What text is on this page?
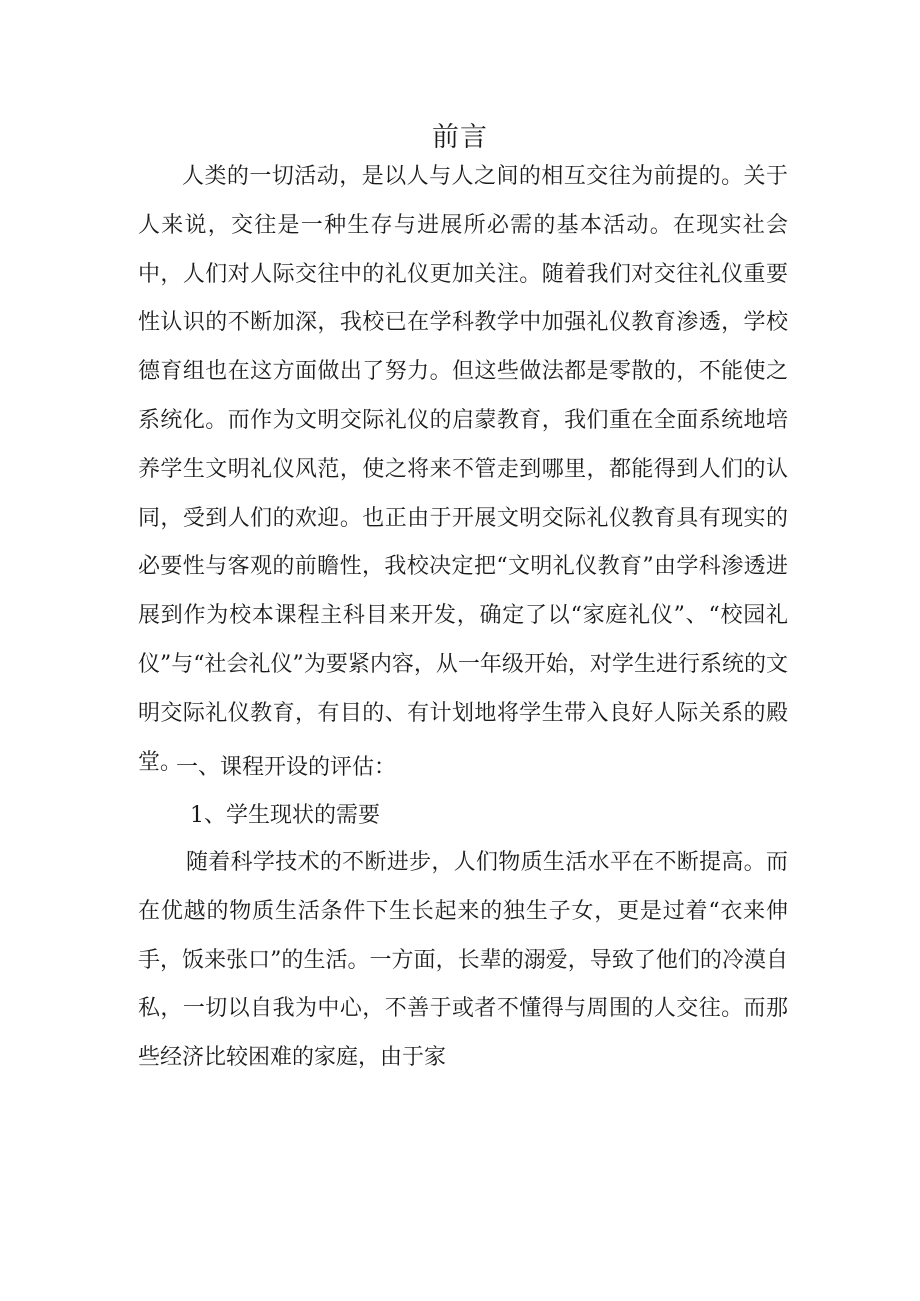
前言

人类的一切活动，是以人与人之间的相互交往为前提的。关于人来说，交往是一种生存与进展所必需的基本活动。在现实社会中，人们对人际交往中的礼仪更加关注。随着我们对交往礼仪重要性认识的不断加深，我校已在学科教学中加强礼仪教育渗透，学校德育组也在这方面做出了努力。但这些做法都是零散的，不能使之系统化。而作为文明交际礼仪的启蒙教育，我们重在全面系统地培养学生文明礼仪风范，使之将来不管走到哪里，都能得到人们的认同，受到人们的欢迎。也正由于开展文明交际礼仪教育具有现实的必要性与客观的前瞻性，我校决定把“文明礼仪教育”由学科渗透进展到作为校本课程主科目来开发，确定了以“家庭礼仪”、“校园礼仪”与“社会礼仪”为要紧内容，从一年级开始，对学生进行系统的文明交际礼仪教育，有目的、有计划地将学生带入良好人际关系的殿堂。

一、课程开设的评估：

1、学生现状的需要

随着科学技术的不断进步，人们物质生活水平在不断提高。而在优越的物质生活条件下生长起来的独生子女，更是过着“衣来伸手，饭来张口”的生活。一方面，长辈的溺爱，导致了他们的冷漠自私，一切以自我为中心，不善于或者不懂得与周围的人交往。而那些经济比较困难的家庭，由于家
